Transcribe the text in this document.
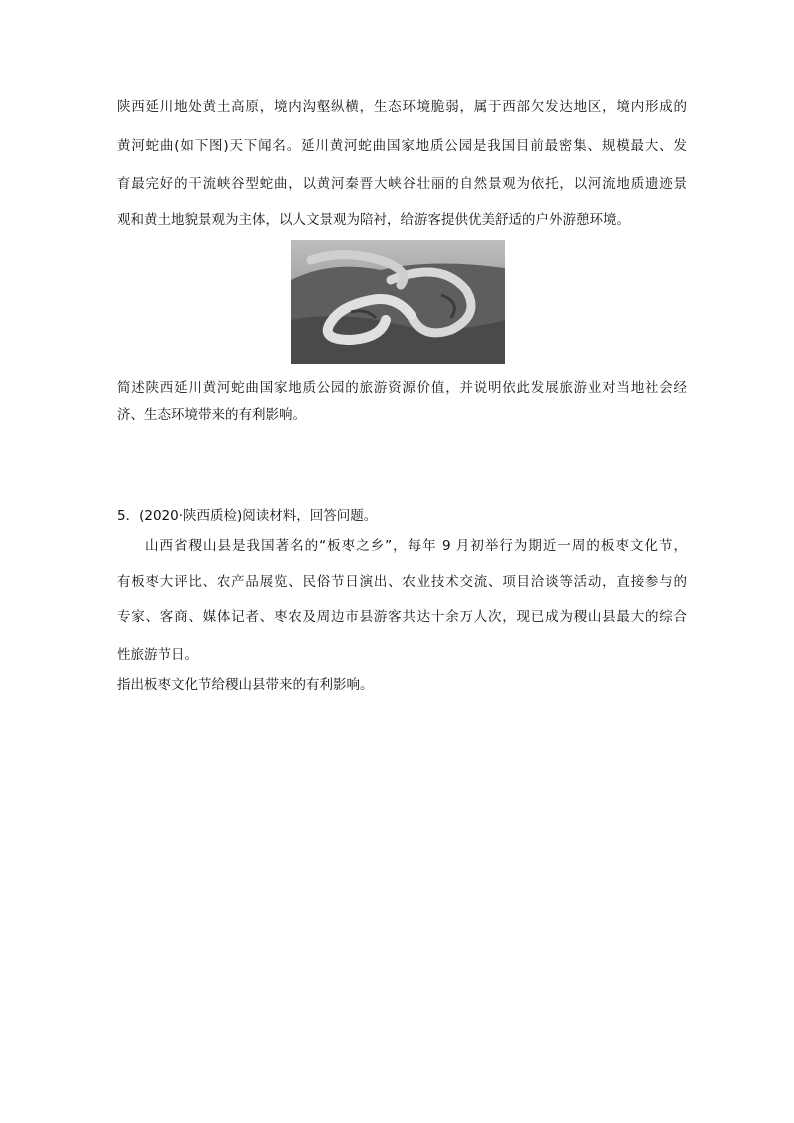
陕西延川地处黄土高原，境内沟壑纵横，生态环境脆弱，属于西部欠发达地区，境内形成的
黄河蛇曲(如下图)天下闻名。延川黄河蛇曲国家地质公园是我国目前最密集、规模最大、发
育最完好的干流峡谷型蛇曲，以黄河秦晋大峡谷壮丽的自然景观为依托，以河流地质遗迹景
观和黄土地貌景观为主体，以人文景观为陪衬，给游客提供优美舒适的户外游憩环境。
简述陕西延川黄河蛇曲国家地质公园的旅游资源价值，并说明依此发展旅游业对当地社会经
济、生态环境带来的有利影响。
5．(2020·陕西质检)阅读材料，回答问题。
山西省稷山县是我国著名的“板枣之乡”，每年 9 月初举行为期近一周的板枣文化节，
有板枣大评比、农产品展览、民俗节日演出、农业技术交流、项目洽谈等活动，直接参与的
专家、客商、媒体记者、枣农及周边市县游客共达十余万人次，现已成为稷山县最大的综合
性旅游节日。
指出板枣文化节给稷山县带来的有利影响。
